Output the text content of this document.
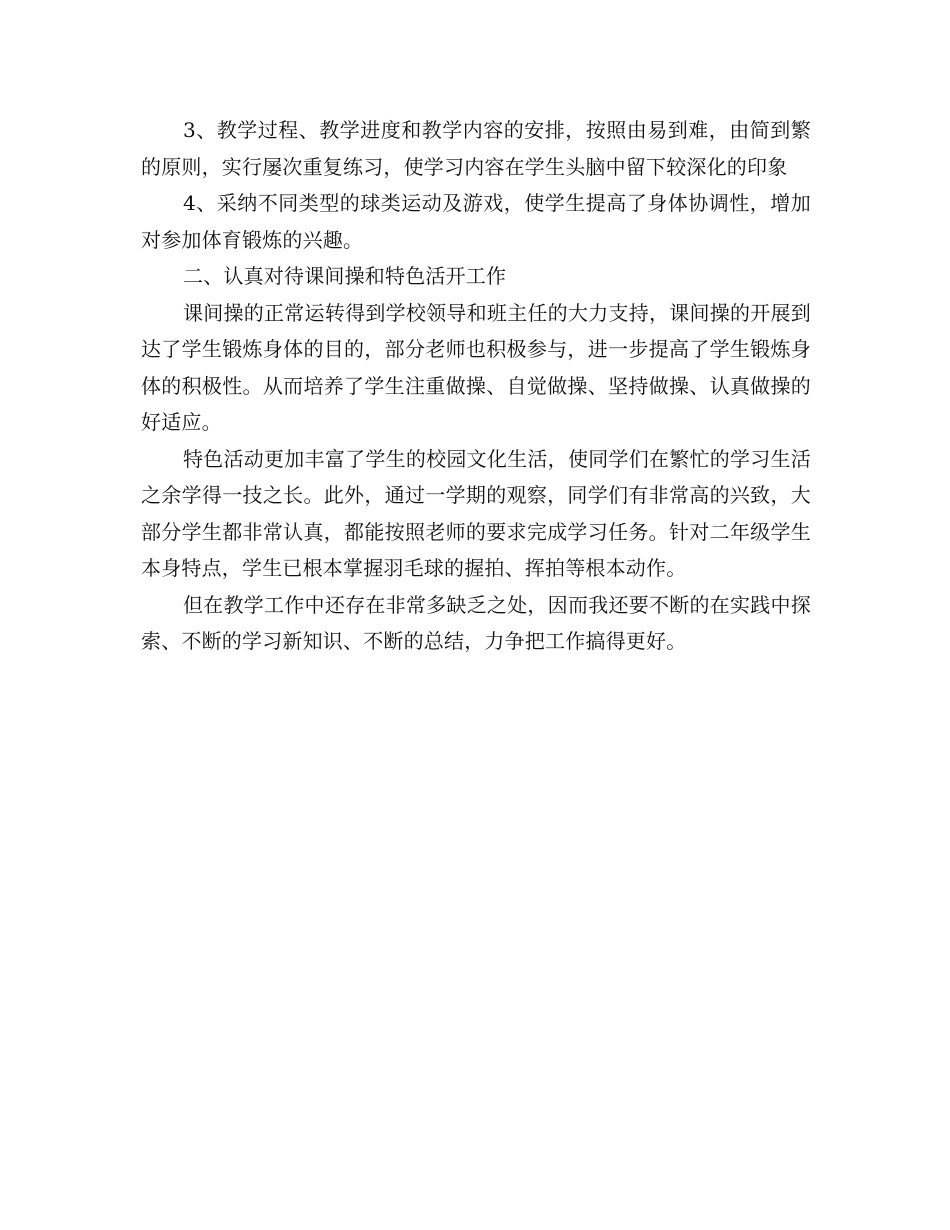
3、教学过程、教学进度和教学内容的安排，按照由易到难，由简到繁的原则，实行屡次重复练习，使学习内容在学生头脑中留下较深化的印象

4、采纳不同类型的球类运动及游戏，使学生提高了身体协调性，增加对参加体育锻炼的兴趣。

二、认真对待课间操和特色活开工作

课间操的正常运转得到学校领导和班主任的大力支持，课间操的开展到达了学生锻炼身体的目的，部分老师也积极参与，进一步提高了学生锻炼身体的积极性。从而培养了学生注重做操、自觉做操、坚持做操、认真做操的好适应。

特色活动更加丰富了学生的校园文化生活，使同学们在繁忙的学习生活之余学得一技之长。此外，通过一学期的观察，同学们有非常高的兴致，大部分学生都非常认真，都能按照老师的要求完成学习任务。针对二年级学生本身特点，学生已根本掌握羽毛球的握拍、挥拍等根本动作。

但在教学工作中还存在非常多缺乏之处，因而我还要不断的在实践中探索、不断的学习新知识、不断的总结，力争把工作搞得更好。
